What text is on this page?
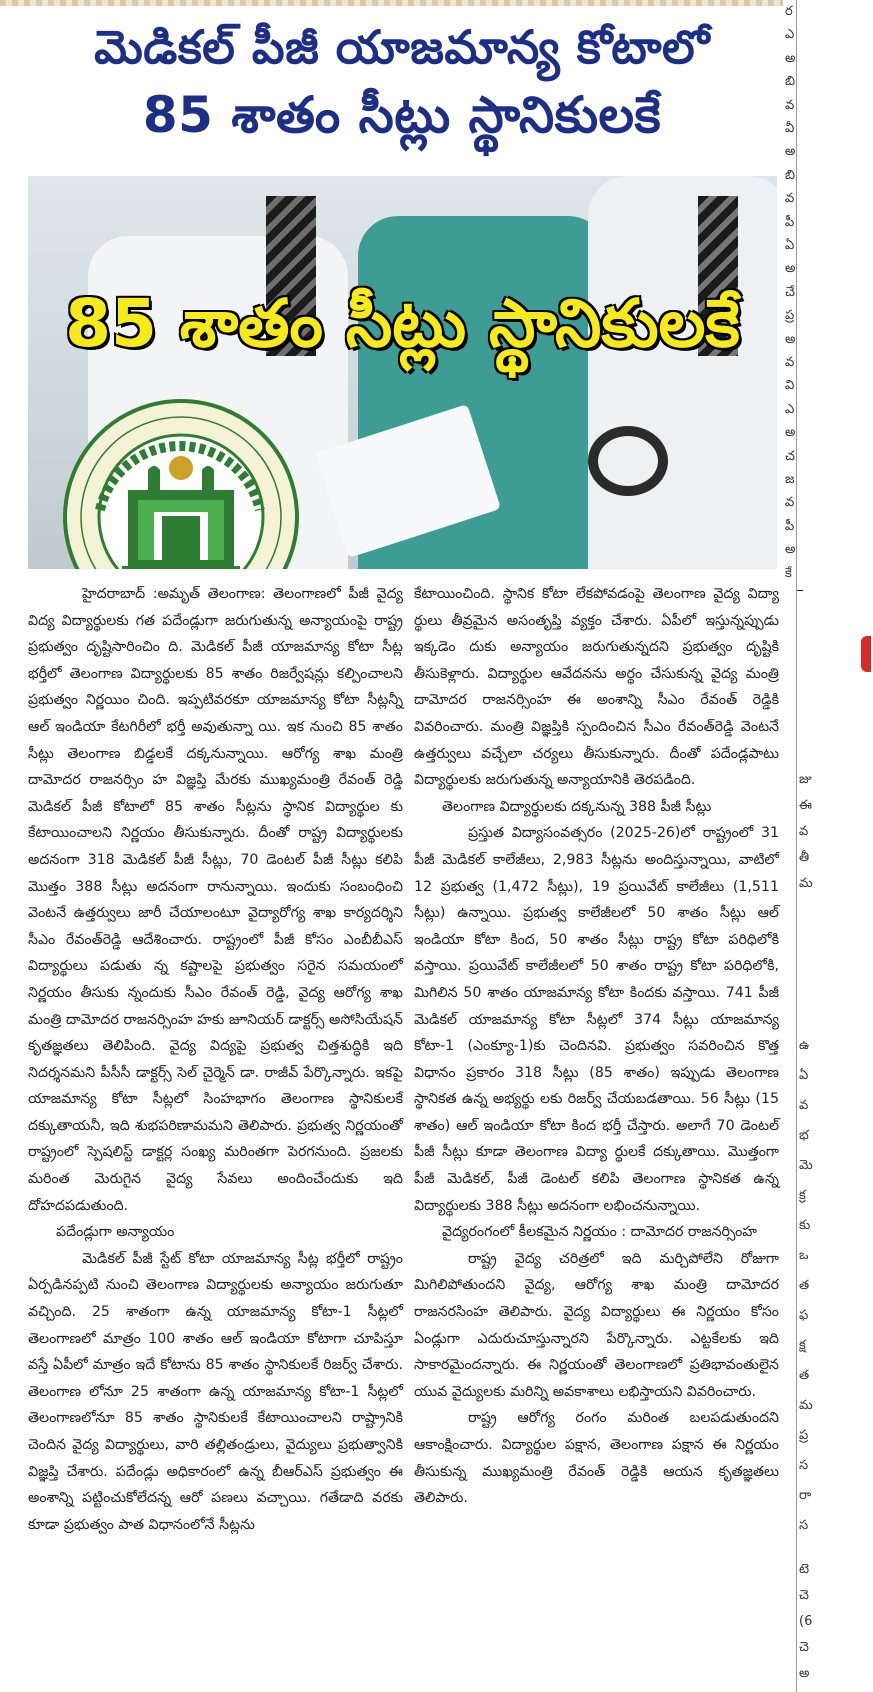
మెడికల్ పీజీ యాజమాన్య కోటాలో
85 శాతం సీట్లు స్థానికులకే
85 శాతం సీట్లు స్థానికులకే

హైదరాబాద్ :అమృత్ తెలంగాణ: తెలంగాణలో పీజీ వైద్య విద్య విద్యార్థులకు గత పదేండ్లుగా జరుగుతున్న అన్యాయంపై రాష్ట్ర ప్రభుత్వం దృష్టిసారించిం ది. మెడికల్ పీజీ యాజమాన్య కోటా సీట్ల భర్తీలో తెలంగాణ విద్యార్థులకు 85 శాతం రిజర్వేషన్లు కల్పించాలని ప్రభుత్వం నిర్ణయిం చింది. ఇప్పటివరకూ యాజమాన్య కోటా సీట్లన్నీ ఆల్ ఇండియా కేటగిరీలో భర్తీ అవుతున్నా యి. ఇక నుంచి 85 శాతం సీట్లు తెలంగాణ బిడ్డలకే దక్కనున్నాయి. ఆరోగ్య శాఖ మంత్రి దామోదర రాజనర్సిం హ విజ్ఞప్తి మేరకు ముఖ్యమంత్రి రేవంత్ రెడ్డి మెడికల్ పీజీ కోటాలో 85 శాతం సీట్లను స్థానిక విద్యార్థుల కు కేటాయించాలని నిర్ణయం తీసుకున్నారు. దీంతో రాష్ట్ర విద్యార్థులకు అదనంగా 318 మెడికల్ పీజీ సీట్లు, 70 డెంటల్ పీజీ సీట్లు కలిపి మొత్తం 388 సీట్లు అదనంగా రానున్నాయి. ఇందుకు సంబంధించి వెంటనే ఉత్తర్వులు జారీ చేయాలంటూ వైద్యారోగ్య శాఖ కార్యదర్శిని సీఎం రేవంత్‌రెడ్డి ఆదేశించారు. రాష్ట్రంలో పీజీ కోసం ఎంబీబీఎస్ విద్యార్థులు పడుతు న్న కష్టాలపై ప్రభుత్వం సరైన సమయంలో నిర్ణయం తీసుకు న్నందుకు సీఎం రేవంత్ రెడ్డి, వైద్య ఆరోగ్య శాఖ మంత్రి దామోదర రాజనర్సింహ హకు జూనియర్ డాక్టర్స్ అసోసియేషన్ కృతజ్ఞతలు తెలిపింది. వైద్య విద్యపై ప్రభుత్వ చిత్తశుద్ధికి ఇది నిదర్శనమని పీసీసీ డాక్టర్స్ సెల్ చైర్మెన్ డా. రాజీవ్ పేర్కొన్నారు. ఇకపై యాజమాన్య కోటా సీట్లలో సింహభాగం తెలంగాణ స్థానికులకే దక్కుతాయనీ, ఇది శుభపరిణామమని తెలిపారు. ప్రభుత్వ నిర్ణయంతో రాష్ట్రంలో స్పెషలిస్ట్ డాక్టర్ల సంఖ్య మరింతగా పెరగనుంది. ప్రజలకు మరింత మెరుగైన వైద్య సేవలు అందించేందుకు ఇది దోహదపడుతుంది.

పదేండ్లుగా అన్యాయం

మెడికల్ పీజీ స్టేట్ కోటా యాజమాన్య సీట్ల భర్తీలో రాష్ట్రం ఏర్పడినప్పటి నుంచి తెలంగాణ విద్యార్థులకు అన్యాయం జరుగుతూ వచ్చింది. 25 శాతంగా ఉన్న యాజమాన్య కోటా-1 సీట్లలో తెలంగాణలో మాత్రం 100 శాతం ఆల్ ఇండియా కోటాగా చూపిస్తూ వస్తే ఏపీలో మాత్రం ఇదే కోటాను 85 శాతం స్థానికులకే రిజర్వ్ చేశారు. తెలంగాణ లోనూ 25 శాతంగా ఉన్న యాజమాన్య కోటా-1 సీట్లలో తెలంగాణలోనూ 85 శాతం స్థానికులకే కేటాయించాలని రాష్ట్రానికి చెందిన వైద్య విద్యార్థులు, వారి తల్లితండ్రులు, వైద్యులు ప్రభుత్వానికి విజ్ఞప్తి చేశారు. పదేండ్లు అధికారంలో ఉన్న బీఆర్ఎస్ ప్రభుత్వం ఈ అంశాన్ని పట్టించుకోలేదన్న ఆరో పణలు వచ్చాయి. గతేడాది వరకు కూడా ప్రభుత్వం పాత విధానంలోనే సీట్లను

కేటాయించింది. స్థానిక కోటా లేకపోవడంపై తెలంగాణ వైద్య విద్యా ర్థులు తీవ్రమైన అసంతృప్తి వ్యక్తం చేశారు. ఏపీలో ఇస్తున్నప్పుడు ఇక్కడెం దుకు అన్యాయం జరుగుతున్నదని ప్రభుత్వం దృష్టికి తీసుకెళ్లారు. విద్యార్థుల ఆవేదనను అర్థం చేసుకున్న వైద్య మంత్రి దామోదర రాజనర్సింహ ఈ అంశాన్ని సీఎం రేవంత్ రెడ్డికి వివరించారు. మంత్రి విజ్ఞప్తికి స్పందించిన సీఎం రేవంత్‌రెడ్డి వెంటనే ఉత్తర్వులు వచ్చేలా చర్యలు తీసుకున్నారు. దీంతో పదేండ్లపాటు విద్యార్థులకు జరుగుతున్న అన్యాయానికి తెరపడింది.

తెలంగాణ విద్యార్థులకు దక్కనున్న 388 పీజీ సీట్లు

ప్రస్తుత విద్యాసంవత్సరం (2025-26)లో రాష్ట్రంలో 31 పీజీ మెడికల్ కాలేజీలు, 2,983 సీట్లను అందిస్తున్నాయి, వాటిలో 12 ప్రభుత్వ (1,472 సీట్లు), 19 ప్రయివేట్ కాలేజీలు (1,511 సీట్లు) ఉన్నాయి. ప్రభుత్వ కాలేజీలలో 50 శాతం సీట్లు ఆల్ ఇండియా కోటా కింద, 50 శాతం సీట్లు రాష్ట్ర కోటా పరిధిలోకి వస్తాయి. ప్రయివేట్ కాలేజీలలో 50 శాతం రాష్ట్ర కోటా పరిధిలోకి, మిగిలిన 50 శాతం యాజమాన్య కోటా కిందకు వస్తాయి. 741 పీజీ మెడికల్ యాజమాన్య కోటా సీట్లలో 374 సీట్లు యాజమాన్య కోటా-1 (ఎంక్యూ-1)కు చెందినవి. ప్రభుత్వం సవరించిన కొత్త విధానం ప్రకారం 318 సీట్లు (85 శాతం) ఇప్పుడు తెలంగాణ స్థానికత ఉన్న అభ్యర్థు లకు రిజర్వ్ చేయబడతాయి. 56 సీట్లు (15 శాతం) ఆల్ ఇండియా కోటా కింద భర్తీ చేస్తారు. అలాగే 70 డెంటల్ పీజీ సీట్లు కూడా తెలంగాణ విద్యా ర్థులకే దక్కుతాయి. మొత్తంగా పీజీ మెడికల్, పీజీ డెంటల్ కలిపి తెలంగాణ స్థానికత ఉన్న విద్యార్థులకు 388 సీట్లు అదనంగా లభించనున్నాయి.

వైద్యరంగంలో కీలకమైన నిర్ణయం : దామోదర రాజనర్సింహ

రాష్ట్ర వైద్య చరిత్రలో ఇది మర్చిపోలేని రోజుగా మిగిలిపోతుందని వైద్య, ఆరోగ్య శాఖ మంత్రి దామోదర రాజనరసింహ తెలిపారు. వైద్య విద్యార్థులు ఈ నిర్ణయం కోసం ఏండ్లుగా ఎదురుచూస్తున్నారని పేర్కొన్నారు. ఎట్టకేలకు ఇది సాకారమైందన్నారు. ఈ నిర్ణయంతో తెలంగాణలో ప్రతిభావంతులైన యువ వైద్యులకు మరిన్ని అవకాశాలు లభిస్తాయని వివరించారు.

రాష్ట్ర ఆరోగ్య రంగం మరింత బలపడుతుందని ఆకాంక్షించారు. విద్యార్థుల పక్షాన, తెలంగాణ పక్షాన ఈ నిర్ణయం తీసుకున్న ముఖ్యమంత్రి రేవంత్ రెడ్డికి ఆయన కృతజ్ఞతలు తెలిపారు.

ర
ఎ
అ
బి
వ
వీ
అ
బి
వ
పీ
ఏ
అ
చే
ప్ర
అ
వ
వి
ఎ
అ
చ
జ
వ
పీ
అ
కే
జు
ఈ
వ
తీ
మ
టె
చె
(6
చె
అ
ఉ
ఏ
వ
భ
మె
క్ర
కు
ఒ
త
ఫ
క్ష
త
మ
ప్ర
స
రా
స
